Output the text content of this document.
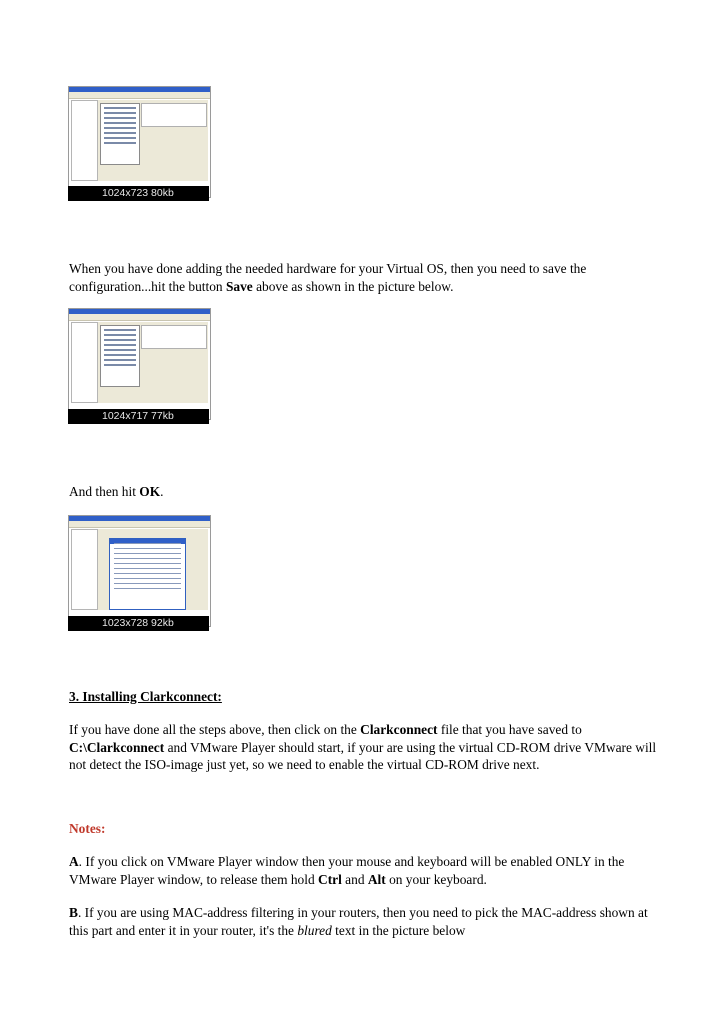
1024x723 80kb

When you have done adding the needed hardware for your Virtual OS, then you need to save the configuration...hit the button Save above as shown in the picture below.

1024x717 77kb

And then hit OK.

1023x728 92kb

3. Installing Clarkconnect:

If you have done all the steps above, then click on the Clarkconnect file that you have saved to C:\Clarkconnect and VMware Player should start, if your are using the virtual CD-ROM drive VMware will not detect the ISO-image just yet, so we need to enable the virtual CD-ROM drive next.

Notes:

A. If you click on VMware Player window then your mouse and keyboard will be enabled ONLY in the VMware Player window, to release them hold Ctrl and Alt on your keyboard.

B. If you are using MAC-address filtering in your routers, then you need to pick the MAC-address shown at this part and enter it in your router, it's the blured text in the picture below
